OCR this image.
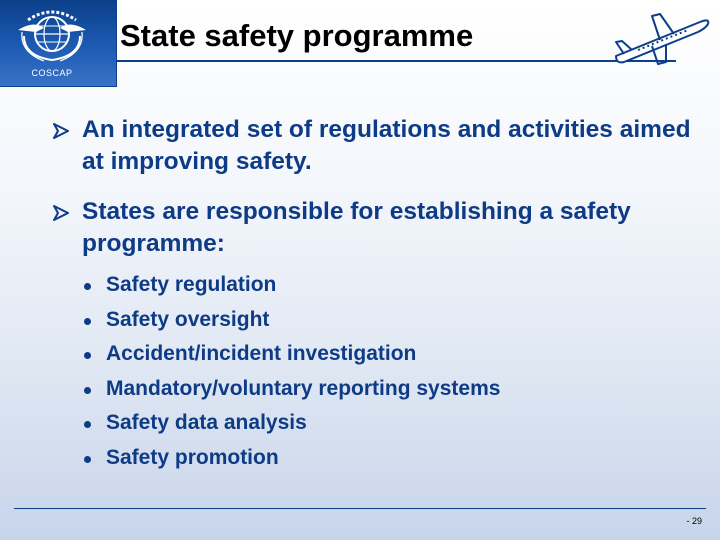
COSCAP
State safety programme
An integrated set of regulations and activities aimed at improving safety.
States are responsible for establishing a safety programme:
Safety regulation
Safety oversight
Accident/incident investigation
Mandatory/voluntary reporting systems
Safety data analysis
Safety promotion
- 29
